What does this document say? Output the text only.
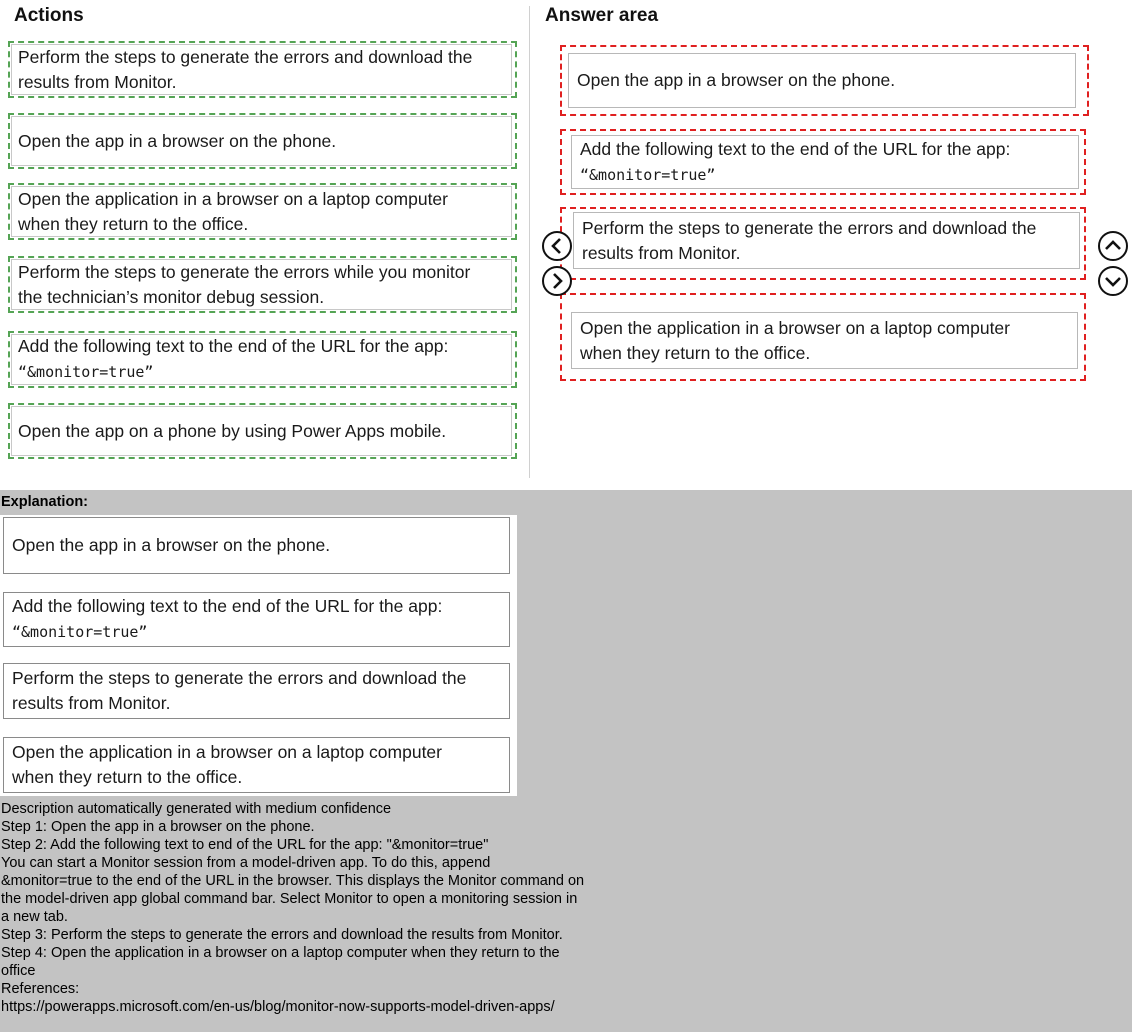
Actions	Answer area
Perform the steps to generate the errors and download the
results from Monitor.
Open the app in a browser on the phone.
Open the application in a browser on a laptop computer
when they return to the office.
Perform the steps to generate the errors while you monitor
the technician’s monitor debug session.
Add the following text to the end of the URL for the app:
“&monitor=true”
Open the app on a phone by using Power Apps mobile.
Open the app in a browser on the phone.
Add the following text to the end of the URL for the app:
“&monitor=true”
Perform the steps to generate the errors and download the
results from Monitor.
Open the application in a browser on a laptop computer
when they return to the office.
Explanation:
Open the app in a browser on the phone.
Add the following text to the end of the URL for the app:
“&monitor=true”
Perform the steps to generate the errors and download the
results from Monitor.
Open the application in a browser on a laptop computer
when they return to the office.
Description automatically generated with medium confidence
Step 1: Open the app in a browser on the phone.
Step 2: Add the following text to end of the URL for the app: "&monitor=true"
You can start a Monitor session from a model-driven app. To do this, append
&monitor=true to the end of the URL in the browser. This displays the Monitor command on
the model-driven app global command bar. Select Monitor to open a monitoring session in
a new tab.
Step 3: Perform the steps to generate the errors and download the results from Monitor.
Step 4: Open the application in a browser on a laptop computer when they return to the
office
References:
https://powerapps.microsoft.com/en-us/blog/monitor-now-supports-model-driven-apps/
